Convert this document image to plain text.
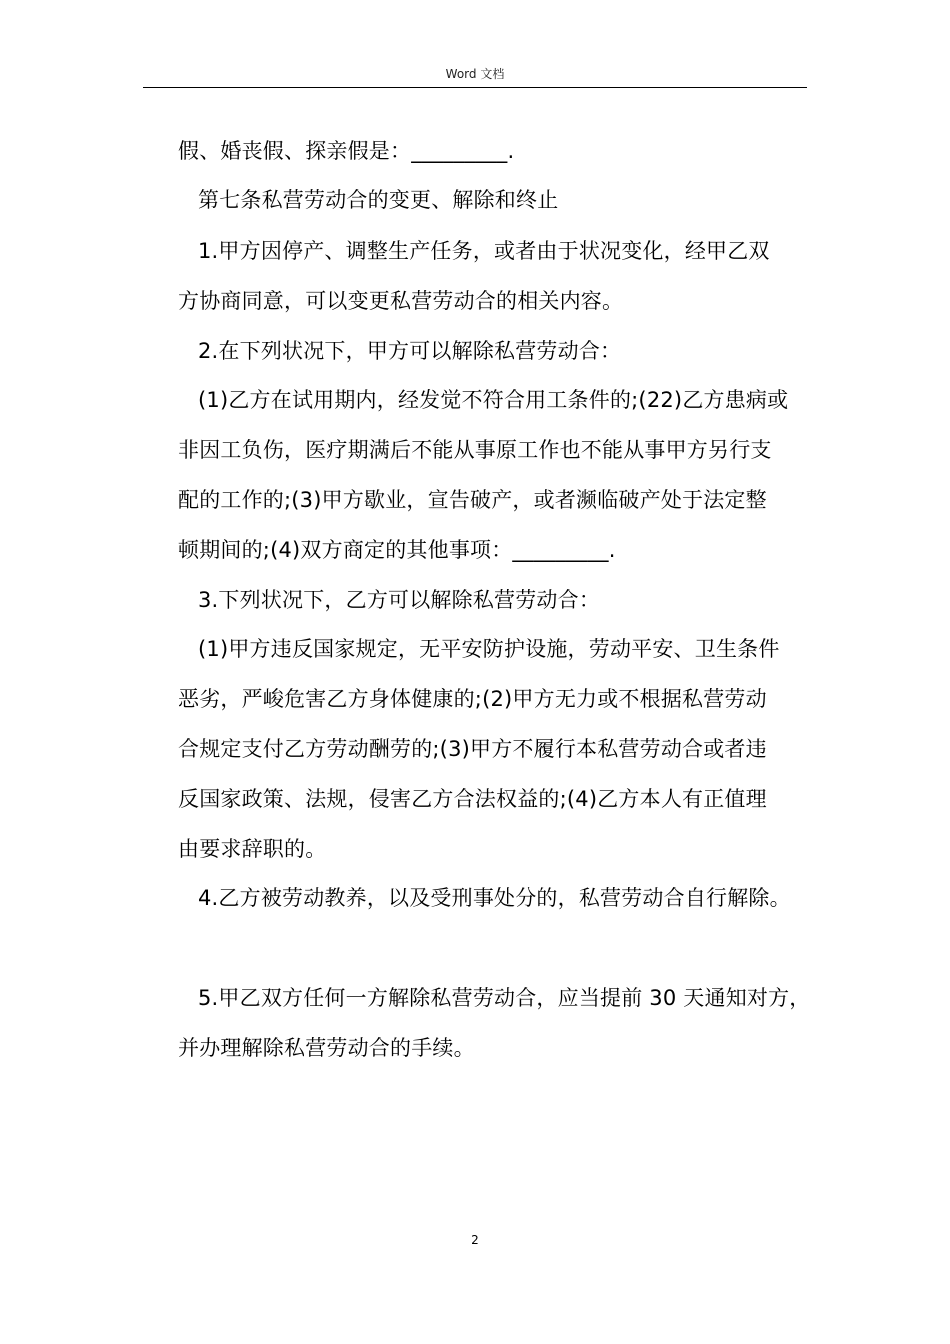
Word 文档
假、婚丧假、探亲假是：_________.
第七条私营劳动合的变更、解除和终止
1.甲方因停产、调整生产任务，或者由于状况变化，经甲乙双
方协商同意，可以变更私营劳动合的相关内容。
2.在下列状况下，甲方可以解除私营劳动合：
(1)乙方在试用期内，经发觉不符合用工条件的;(22)乙方患病或
非因工负伤，医疗期满后不能从事原工作也不能从事甲方另行支
配的工作的;(3)甲方歇业，宣告破产，或者濒临破产处于法定整
顿期间的;(4)双方商定的其他事项：_________.
3.下列状况下，乙方可以解除私营劳动合：
(1)甲方违反国家规定，无平安防护设施，劳动平安、卫生条件
恶劣，严峻危害乙方身体健康的;(2)甲方无力或不根据私营劳动
合规定支付乙方劳动酬劳的;(3)甲方不履行本私营劳动合或者违
反国家政策、法规，侵害乙方合法权益的;(4)乙方本人有正值理
由要求辞职的。
4.乙方被劳动教养，以及受刑事处分的，私营劳动合自行解除。
5.甲乙双方任何一方解除私营劳动合，应当提前 30 天通知对方，
并办理解除私营劳动合的手续。
2
